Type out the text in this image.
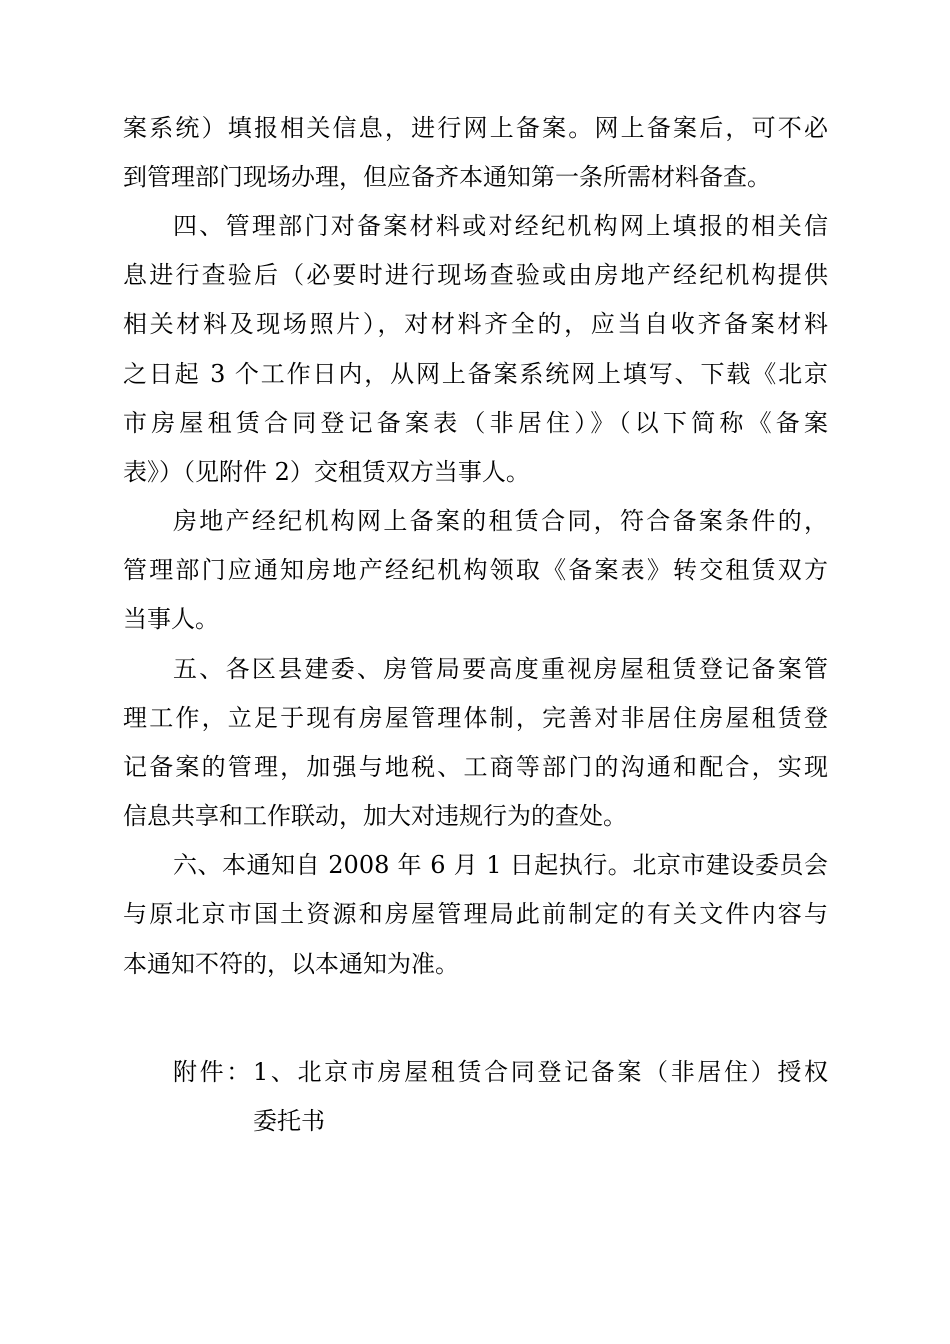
案系统）填报相关信息，进行网上备案。网上备案后，可不必
到管理部门现场办理，但应备齐本通知第一条所需材料备查。
四、管理部门对备案材料或对经纪机构网上填报的相关信
息进行查验后（必要时进行现场查验或由房地产经纪机构提供
相关材料及现场照片），对材料齐全的，应当自收齐备案材料
之日起 3 个工作日内，从网上备案系统网上填写、下载《北京
市房屋租赁合同登记备案表（非居住）》（以下简称《备案
表》）（见附件 2）交租赁双方当事人。
房地产经纪机构网上备案的租赁合同，符合备案条件的，
管理部门应通知房地产经纪机构领取《备案表》转交租赁双方
当事人。
五、各区县建委、房管局要高度重视房屋租赁登记备案管
理工作，立足于现有房屋管理体制，完善对非居住房屋租赁登
记备案的管理，加强与地税、工商等部门的沟通和配合，实现
信息共享和工作联动，加大对违规行为的查处。
六、本通知自 2008 年 6 月 1 日起执行。北京市建设委员会
与原北京市国土资源和房屋管理局此前制定的有关文件内容与
本通知不符的，以本通知为准。
附件：1、北京市房屋租赁合同登记备案（非居住）授权
委托书
